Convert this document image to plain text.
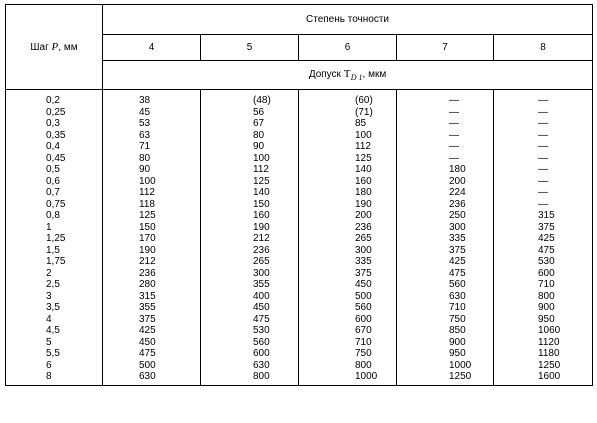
Шаг P, мм	Степень точности				
	4	5	6	7	8
	Допуск $T_{D 1}$, мкм				
0,2	38	(48)	(60)	—	—
0,25	45	56	(71)	—	—
0,3	53	67	85	—	—
0,35	63	80	100	—	—
0,4	71	90	112	—	—
0,45	80	100	125	—	—
0,5	90	112	140	180	—
0,6	100	125	160	200	—
0,7	112	140	180	224	—
0,75	118	150	190	236	—
0,8	125	160	200	250	315
1	150	190	236	300	375
1,25	170	212	265	335	425
1,5	190	236	300	375	475
1,75	212	265	335	425	530
2	236	300	375	475	600
2,5	280	355	450	560	710
3	315	400	500	630	800
3,5	355	450	560	710	900
4	375	475	600	750	950
4,5	425	530	670	850	1060
5	450	560	710	900	1120
5,5	475	600	750	950	1180
6	500	630	800	1000	1250
8	630	800	1000	1250	1600
